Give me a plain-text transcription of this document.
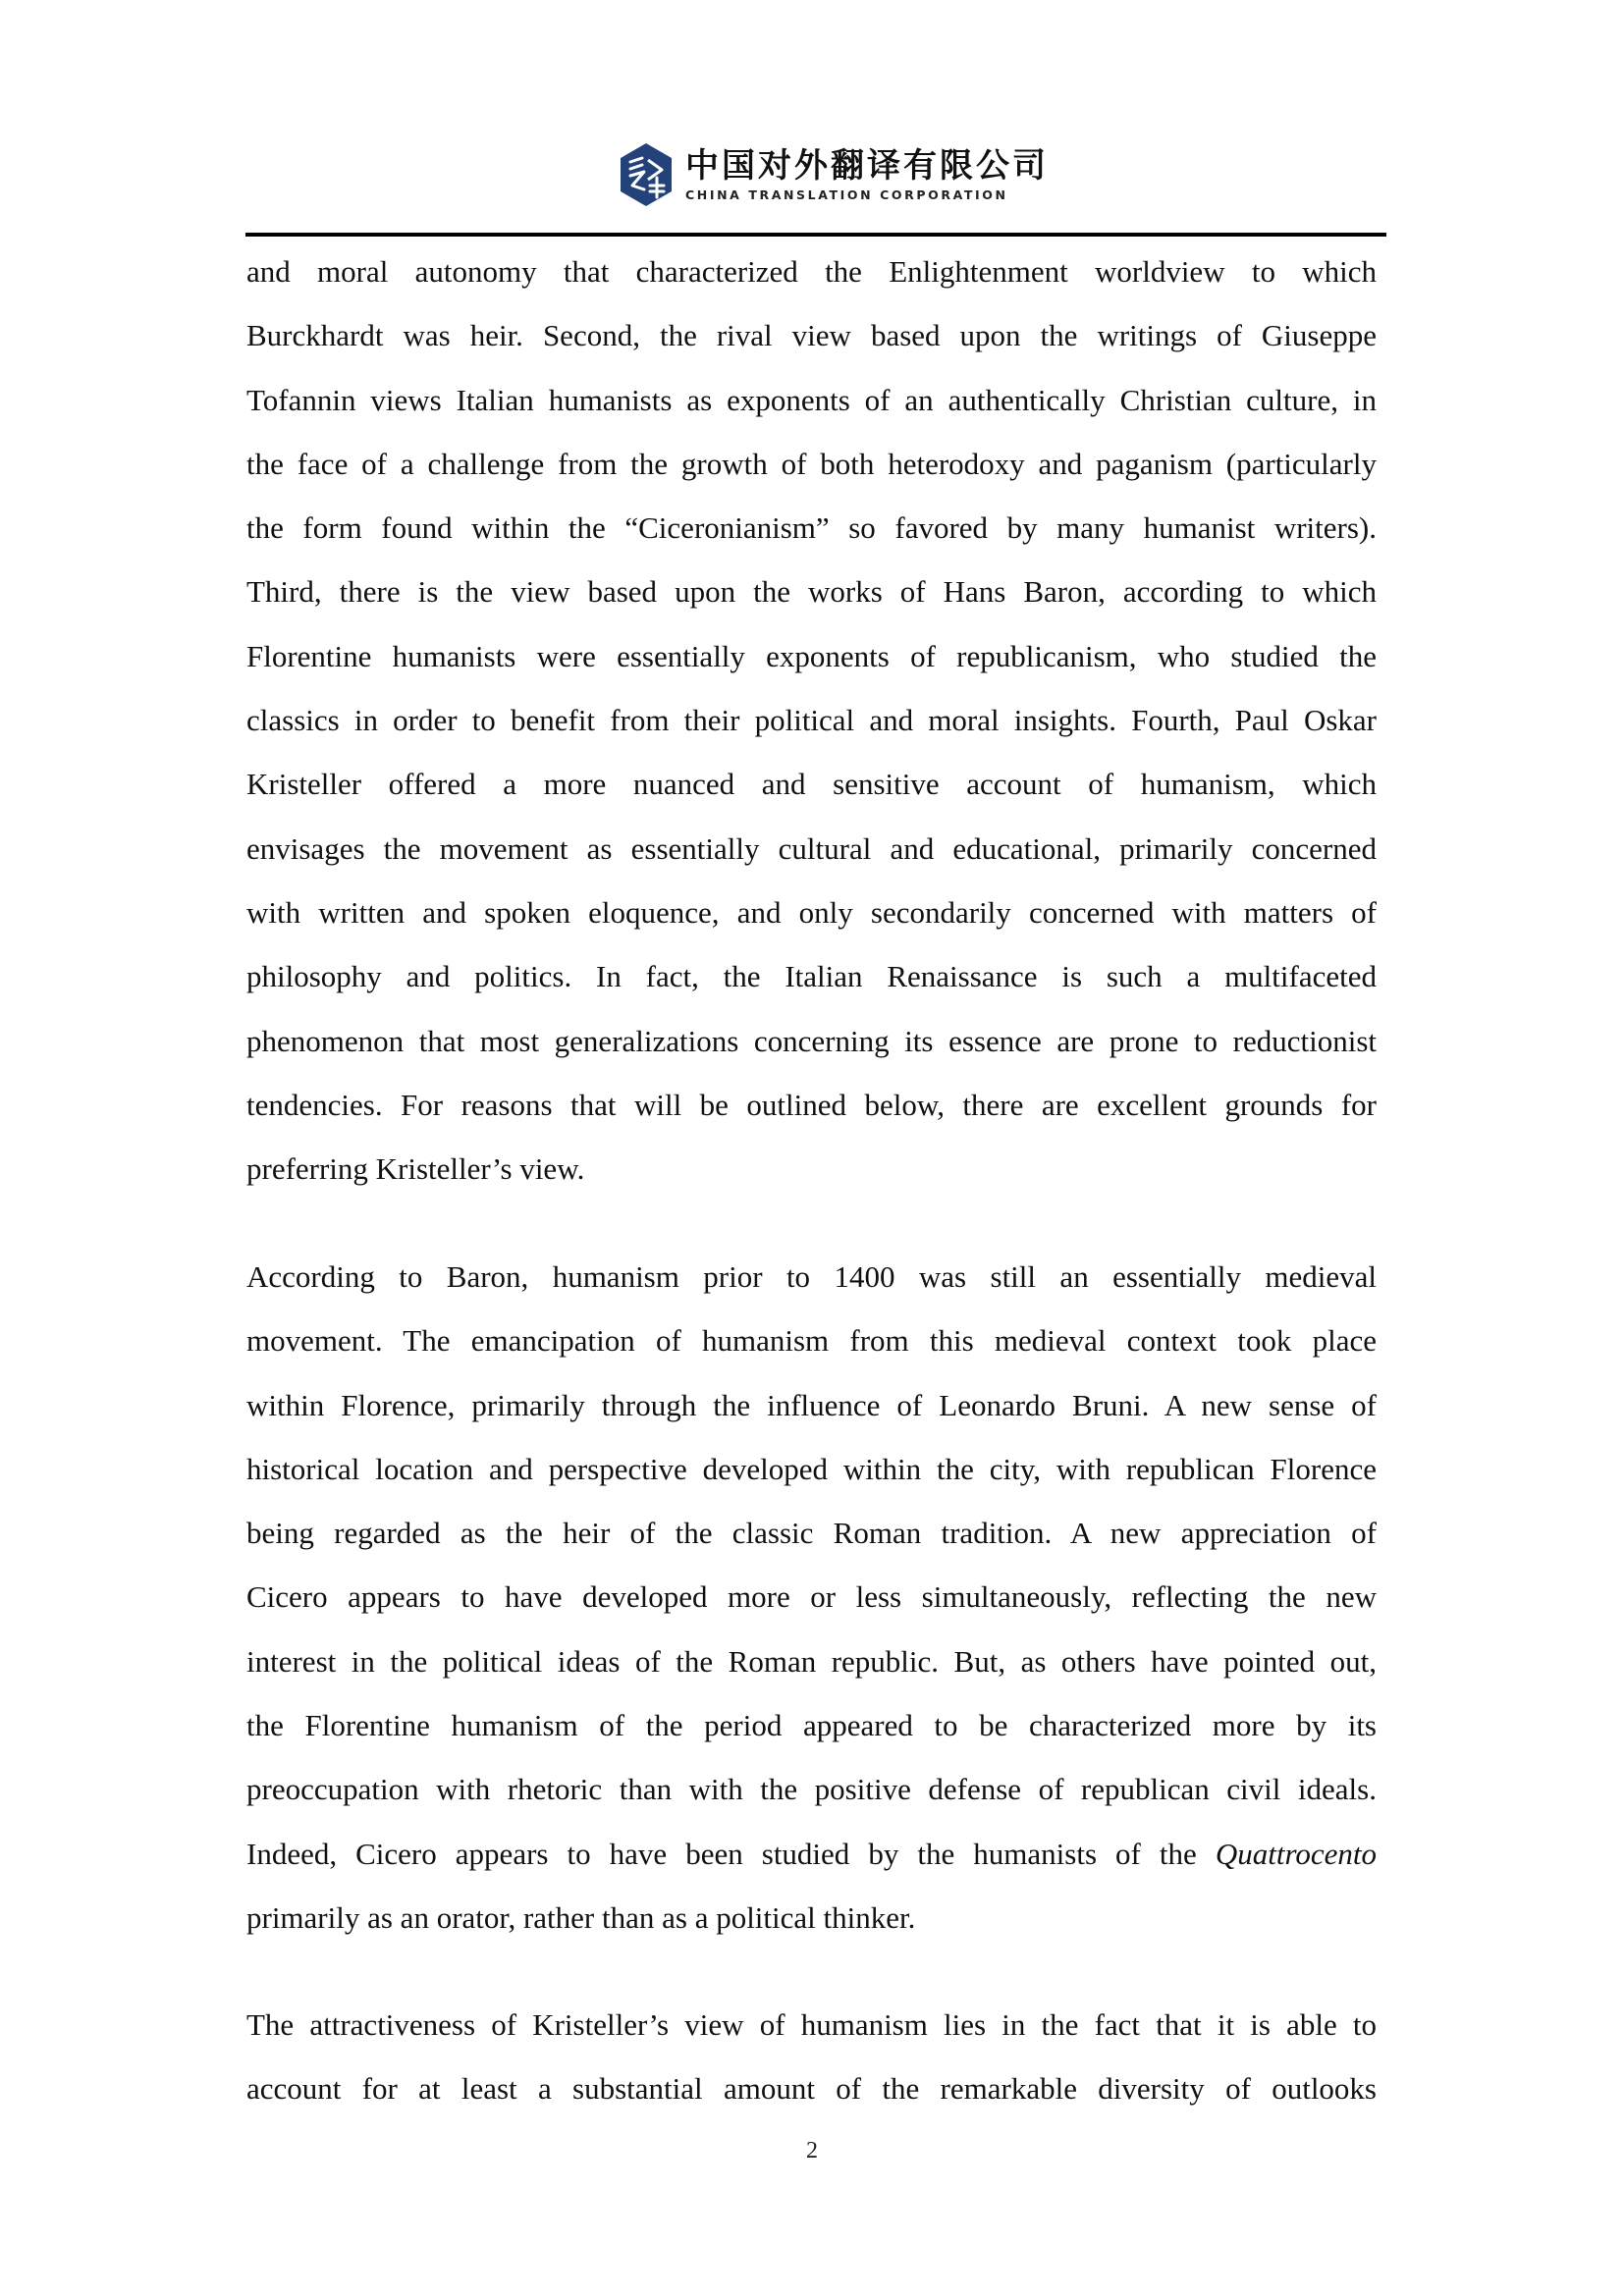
中国对外翻译有限公司
CHINA TRANSLATION CORPORATION
and moral autonomy that characterized the Enlightenment worldview to which
Burckhardt was heir. Second, the rival view based upon the writings of Giuseppe
Tofannin views Italian humanists as exponents of an authentically Christian culture, in
the face of a challenge from the growth of both heterodoxy and paganism (particularly
the form found within the “Ciceronianism” so favored by many humanist writers).
Third, there is the view based upon the works of Hans Baron, according to which
Florentine humanists were essentially exponents of republicanism, who studied the
classics in order to benefit from their political and moral insights. Fourth, Paul Oskar
Kristeller offered a more nuanced and sensitive account of humanism, which
envisages the movement as essentially cultural and educational, primarily concerned
with written and spoken eloquence, and only secondarily concerned with matters of
philosophy and politics. In fact, the Italian Renaissance is such a multifaceted
phenomenon that most generalizations concerning its essence are prone to reductionist
tendencies. For reasons that will be outlined below, there are excellent grounds for
preferring Kristeller’s view.
According to Baron, humanism prior to 1400 was still an essentially medieval
movement. The emancipation of humanism from this medieval context took place
within Florence, primarily through the influence of Leonardo Bruni. A new sense of
historical location and perspective developed within the city, with republican Florence
being regarded as the heir of the classic Roman tradition. A new appreciation of
Cicero appears to have developed more or less simultaneously, reflecting the new
interest in the political ideas of the Roman republic. But, as others have pointed out,
the Florentine humanism of the period appeared to be characterized more by its
preoccupation with rhetoric than with the positive defense of republican civil ideals.
Indeed, Cicero appears to have been studied by the humanists of the Quattrocento
primarily as an orator, rather than as a political thinker.
The attractiveness of Kristeller’s view of humanism lies in the fact that it is able to
account for at least a substantial amount of the remarkable diversity of outlooks
2
